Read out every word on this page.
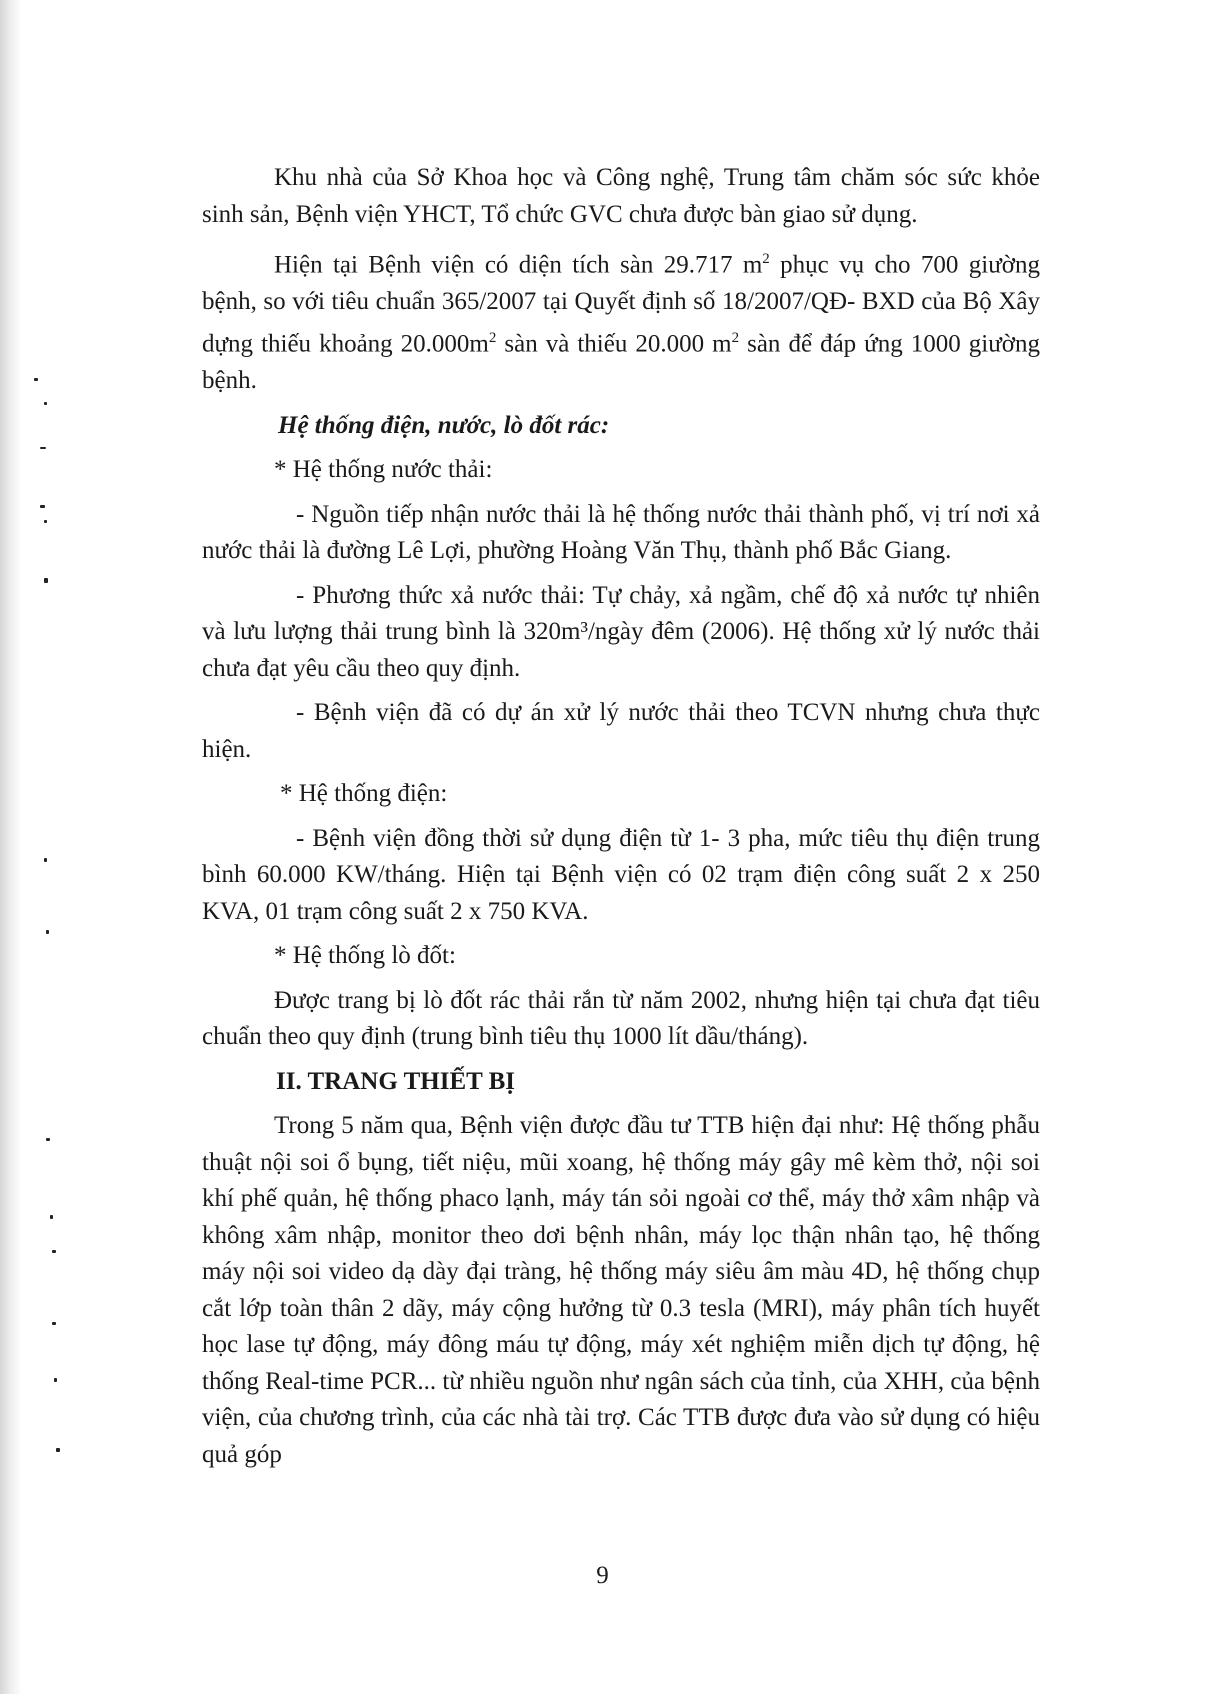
Khu nhà của Sở Khoa học và Công nghệ, Trung tâm chăm sóc sức khỏe sinh sản, Bệnh viện YHCT, Tổ chức GVC chưa được bàn giao sử dụng.

Hiện tại Bệnh viện có diện tích sàn 29.717 $m^2$ phục vụ cho 700 giường bệnh, so với tiêu chuẩn 365/2007 tại Quyết định số 18/2007/QĐ- BXD của Bộ Xây dựng thiếu khoảng $20.000m^2$ sàn và thiếu 20.000 $m^2$ sàn để đáp ứng 1000 giường bệnh.

Hệ thống điện, nước, lò đốt rác:

* Hệ thống nước thải:

- Nguồn tiếp nhận nước thải là hệ thống nước thải thành phố, vị trí nơi xả nước thải là đường Lê Lợi, phường Hoàng Văn Thụ, thành phố Bắc Giang.

- Phương thức xả nước thải: Tự chảy, xả ngầm, chế độ xả nước tự nhiên và lưu lượng thải trung bình là 320m³/ngày đêm (2006). Hệ thống xử lý nước thải chưa đạt yêu cầu theo quy định.

- Bệnh viện đã có dự án xử lý nước thải theo TCVN nhưng chưa thực hiện.

* Hệ thống điện:

- Bệnh viện đồng thời sử dụng điện từ 1- 3 pha, mức tiêu thụ điện trung bình 60.000 KW/tháng. Hiện tại Bệnh viện có 02 trạm điện công suất 2 x 250 KVA, 01 trạm công suất 2 x 750 KVA.

* Hệ thống lò đốt:

Được trang bị lò đốt rác thải rắn từ năm 2002, nhưng hiện tại chưa đạt tiêu chuẩn theo quy định (trung bình tiêu thụ 1000 lít dầu/tháng).

II. TRANG THIẾT BỊ

Trong 5 năm qua, Bệnh viện được đầu tư TTB hiện đại như: Hệ thống phẫu thuật nội soi ổ bụng, tiết niệu, mũi xoang, hệ thống máy gây mê kèm thở, nội soi khí phế quản, hệ thống phaco lạnh, máy tán sỏi ngoài cơ thể, máy thở xâm nhập và không xâm nhập, monitor theo dơi bệnh nhân, máy lọc thận nhân tạo, hệ thống máy nội soi video dạ dày đại tràng, hệ thống máy siêu âm màu 4D, hệ thống chụp cắt lớp toàn thân 2 dãy, máy cộng hưởng từ 0.3 tesla (MRI), máy phân tích huyết học lase tự động, máy đông máu tự động, máy xét nghiệm miễn dịch tự động, hệ thống Real-time PCR... từ nhiều nguồn như ngân sách của tỉnh, của XHH, của bệnh viện, của chương trình, của các nhà tài trợ. Các TTB được đưa vào sử dụng có hiệu quả góp

9
